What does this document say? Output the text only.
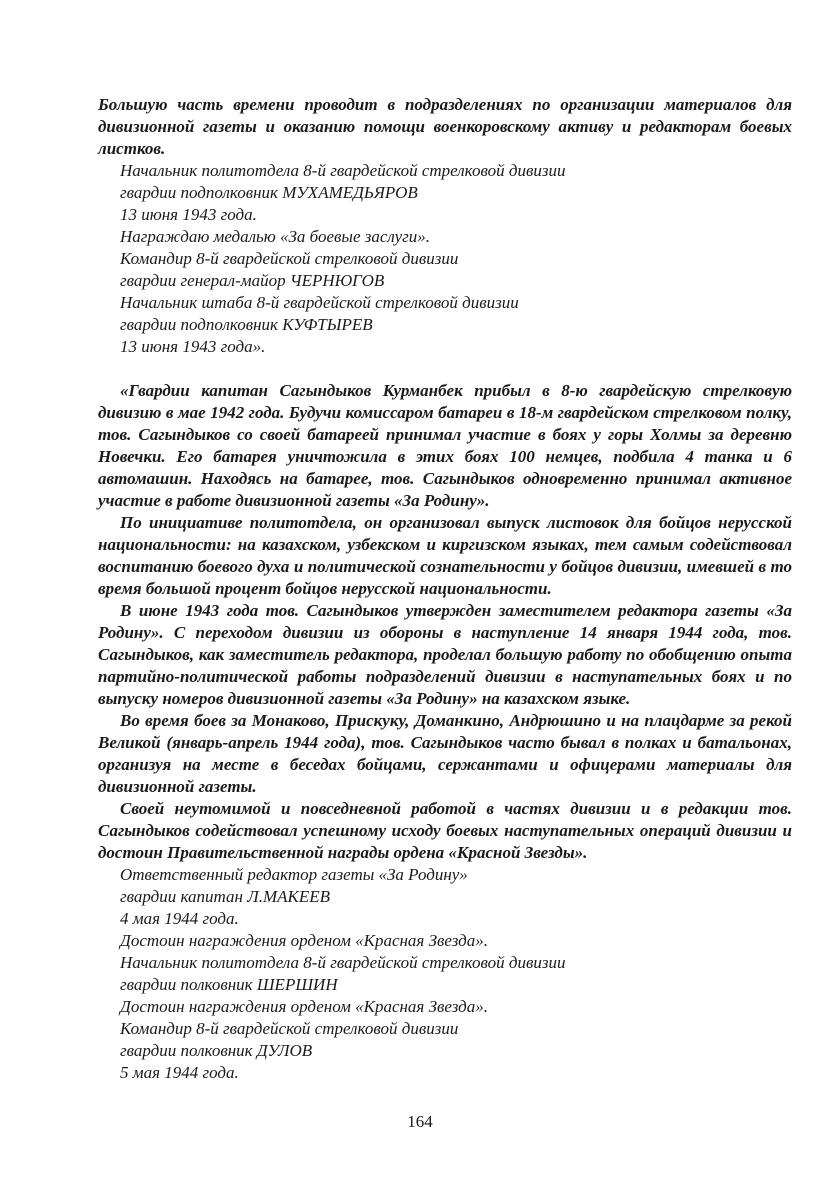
Большую часть времени проводит в подразделениях по организации материалов для дивизионной газеты и оказанию помощи военкоровскому активу и редакторам боевых листков.

Начальник политотдела 8-й гвардейской стрелковой дивизии

гвардии подполковник МУХАМЕДЬЯРОВ

13 июня 1943 года.

Награждаю медалью «За боевые заслуги».

Командир 8-й гвардейской стрелковой дивизии

гвардии генерал-майор ЧЕРНЮГОВ

Начальник штаба 8-й гвардейской стрелковой дивизии

гвардии подполковник КУФТЫРЕВ

13 июня 1943 года».

«Гвардии капитан Сагындыков Курманбек прибыл в 8-ю гвардейскую стрелковую дивизию в мае 1942 года. Будучи комиссаром батареи в 18-м гвардейском стрелковом полку, тов. Сагындыков со своей батареей принимал участие в боях у горы Холмы за деревню Новечки. Его батарея уничтожила в этих боях 100 немцев, подбила 4 танка и 6 автомашин. Находясь на батарее, тов. Сагындыков одновременно принимал активное участие в работе дивизионной газеты «За Родину».

По инициативе политотдела, он организовал выпуск листовок для бойцов нерусской национальности: на казахском, узбекском и киргизском языках, тем самым содействовал воспитанию боевого духа и политической сознательности у бойцов дивизии, имевшей в то время большой процент бойцов нерусской национальности.

В июне 1943 года тов. Сагындыков утвержден заместителем редактора газеты «За Родину». С переходом дивизии из обороны в наступление 14 января 1944 года, тов. Сагындыков, как заместитель редактора, проделал большую работу по обобщению опыта партийно-политической работы подразделений дивизии в наступательных боях и по выпуску номеров дивизионной газеты «За Родину» на казахском языке.

Во время боев за Монаково, Прискуку, Доманкино, Андрюшино и на плацдарме за рекой Великой (январь-апрель 1944 года), тов. Сагындыков часто бывал в полках и батальонах, организуя на месте в беседах бойцами, сержантами и офицерами материалы для дивизионной газеты.

Своей неутомимой и повседневной работой в частях дивизии и в редакции тов. Сагындыков содействовал успешному исходу боевых наступательных операций дивизии и достоин Правительственной награды ордена «Красной Звезды».

Ответственный редактор газеты «За Родину»

гвардии капитан Л.МАКЕЕВ

4 мая 1944 года.

Достоин награждения орденом «Красная Звезда».

Начальник политотдела 8-й гвардейской стрелковой дивизии

гвардии полковник ШЕРШИН

Достоин награждения орденом «Красная Звезда».

Командир 8-й гвардейской стрелковой дивизии

гвардии полковник ДУЛОВ

5 мая 1944 года.

164
